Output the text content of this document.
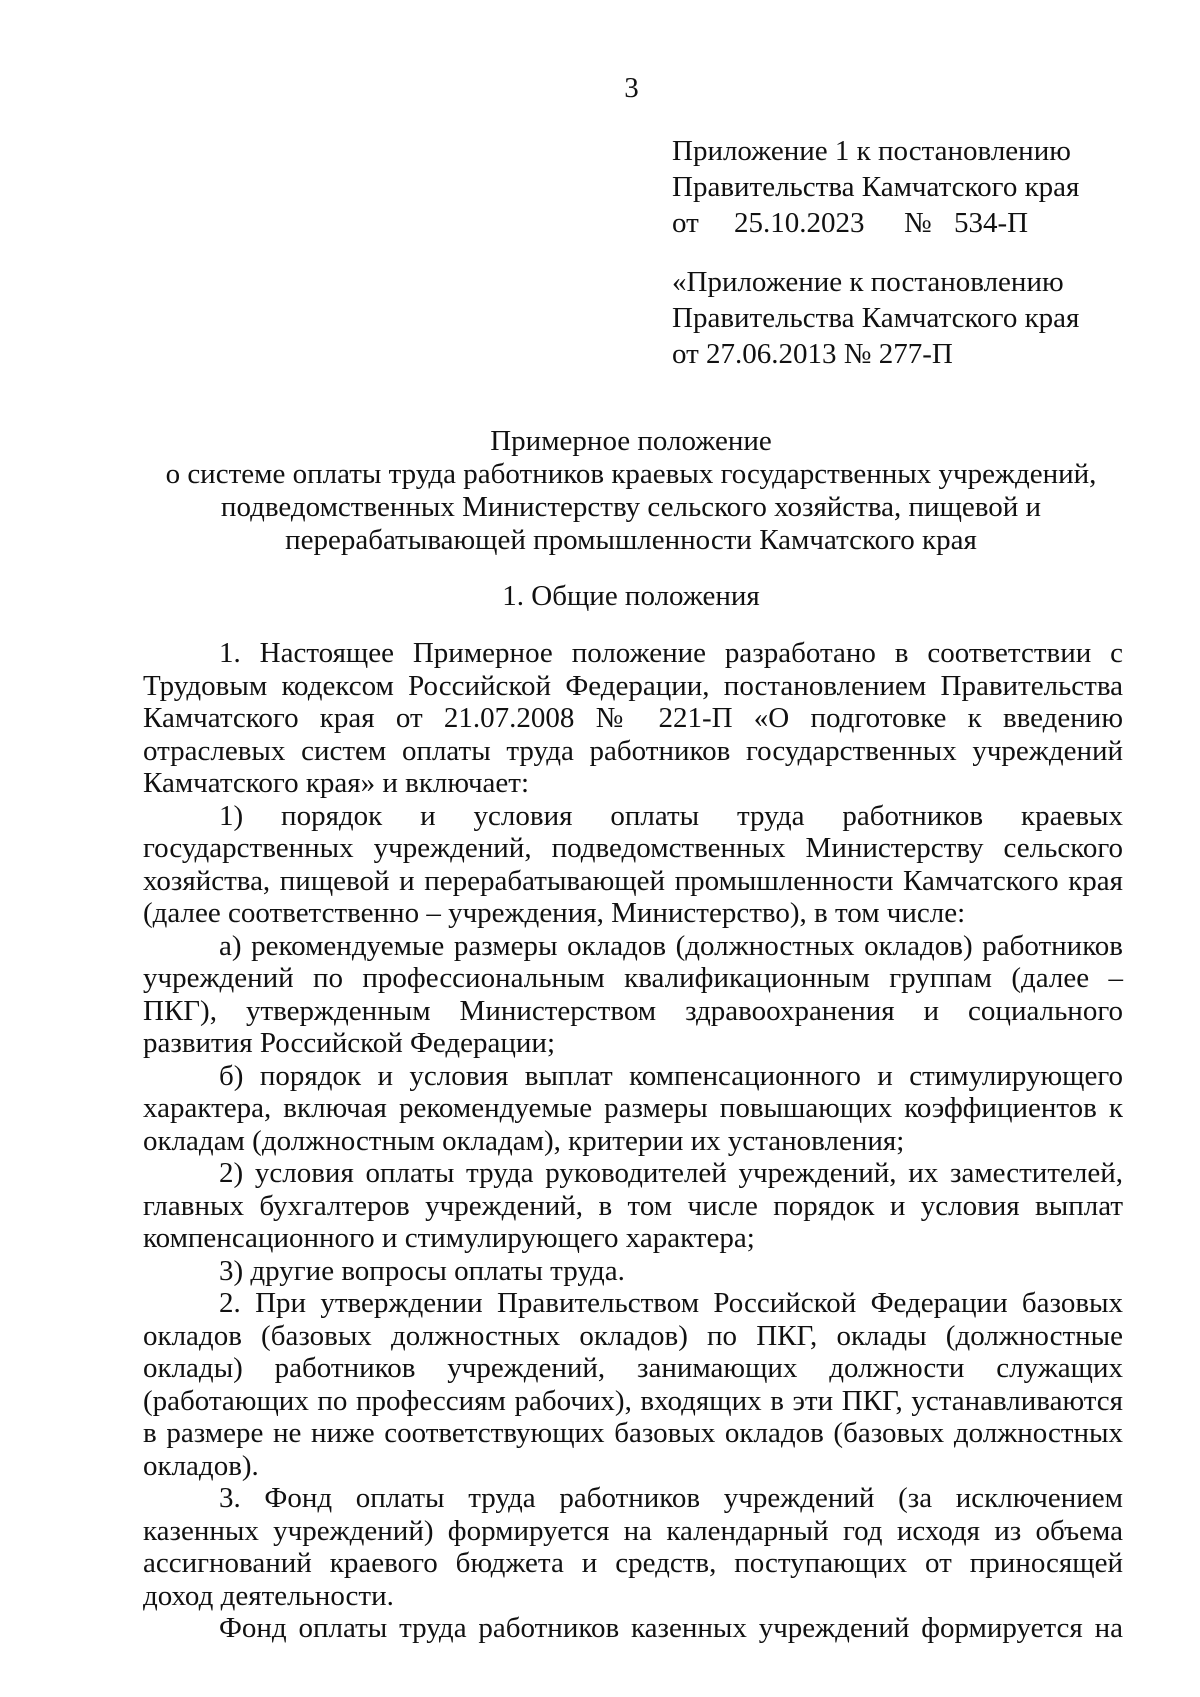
3
Приложение 1 к постановлению
Правительства Камчатского края
от 25.10.2023 № 534-П
«Приложение к постановлению
Правительства Камчатского края
от 27.06.2013 № 277-П
Примерное положение
о системе оплаты труда работников краевых государственных учреждений,
подведомственных Министерству сельского хозяйства, пищевой и
перерабатывающей промышленности Камчатского края
1. Общие положения

1. Настоящее Примерное положение разработано в соответствии с Трудовым кодексом Российской Федерации, постановлением Правительства Камчатского края от 21.07.2008 № 221-П «О подготовке к введению отраслевых систем оплаты труда работников государственных учреждений Камчатского края» и включает:

1) порядок и условия оплаты труда работников краевых государственных учреждений, подведомственных Министерству сельского хозяйства, пищевой и перерабатывающей промышленности Камчатского края (далее соответственно – учреждения, Министерство), в том числе:

а) рекомендуемые размеры окладов (должностных окладов) работников учреждений по профессиональным квалификационным группам (далее – ПКГ), утвержденным Министерством здравоохранения и социального развития Российской Федерации;

б) порядок и условия выплат компенсационного и стимулирующего характера, включая рекомендуемые размеры повышающих коэффициентов к окладам (должностным окладам), критерии их установления;

2) условия оплаты труда руководителей учреждений, их заместителей, главных бухгалтеров учреждений, в том числе порядок и условия выплат компенсационного и стимулирующего характера;

3) другие вопросы оплаты труда.

2. При утверждении Правительством Российской Федерации базовых окладов (базовых должностных окладов) по ПКГ, оклады (должностные оклады) работников учреждений, занимающих должности служащих (работающих по профессиям рабочих), входящих в эти ПКГ, устанавливаются в размере не ниже соответствующих базовых окладов (базовых должностных окладов).

3. Фонд оплаты труда работников учреждений (за исключением казенных учреждений) формируется на календарный год исходя из объема ассигнований краевого бюджета и средств, поступающих от приносящей доход деятельности.

Фонд оплаты труда работников казенных учреждений формируется на
